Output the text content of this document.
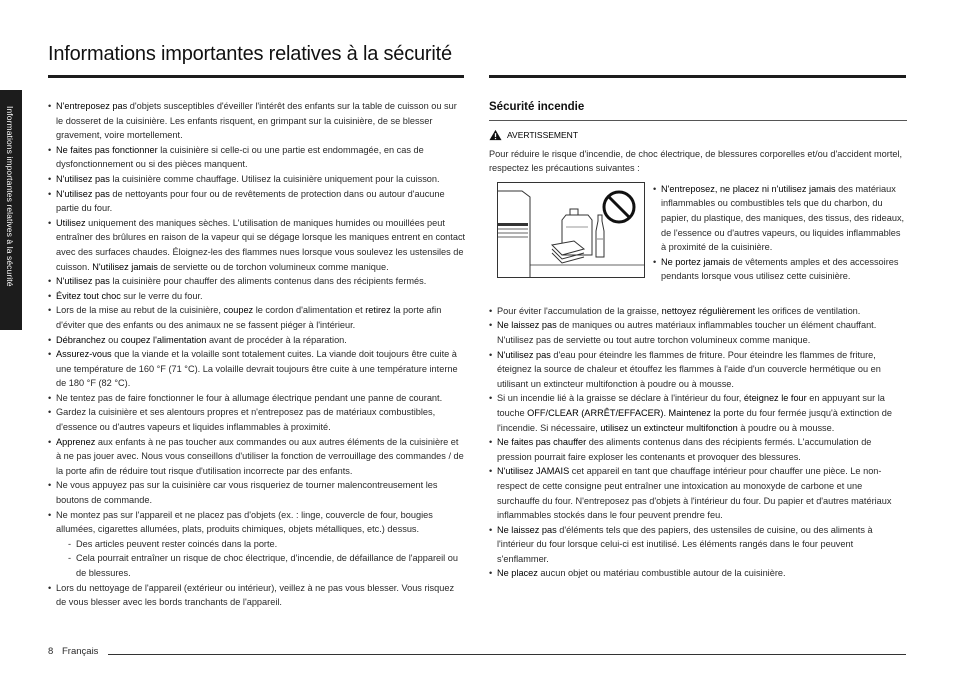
Informations importantes relatives à la sécurité
Informations importantes relatives à la sécurité
• N'entreposez pas d'objets susceptibles d'éveiller l'intérêt des enfants sur la table de cuisson ou sur le dosseret de la cuisinière. Les enfants risquent, en grimpant sur la cuisinière, de se blesser gravement, voire mortellement.
• Ne faites pas fonctionner la cuisinière si celle-ci ou une partie est endommagée, en cas de dysfonctionnement ou si des pièces manquent.
• N'utilisez pas la cuisinière comme chauffage. Utilisez la cuisinière uniquement pour la cuisson.
• N'utilisez pas de nettoyants pour four ou de revêtements de protection dans ou autour d'aucune partie du four.
• Utilisez uniquement des maniques sèches. L'utilisation de maniques humides ou mouillées peut entraîner des brûlures en raison de la vapeur qui se dégage lorsque les maniques entrent en contact avec des surfaces chaudes. Éloignez-les des flammes nues lorsque vous soulevez les ustensiles de cuisson. N'utilisez jamais de serviette ou de torchon volumineux comme manique.
• N'utilisez pas la cuisinière pour chauffer des aliments contenus dans des récipients fermés.
• Évitez tout choc sur le verre du four.
• Lors de la mise au rebut de la cuisinière, coupez le cordon d'alimentation et retirez la porte afin d'éviter que des enfants ou des animaux ne se fassent piéger à l'intérieur.
• Débranchez ou coupez l'alimentation avant de procéder à la réparation.
• Assurez-vous que la viande et la volaille sont totalement cuites. La viande doit toujours être cuite à une température de 160 °F (71 °C). La volaille devrait toujours être cuite à une température interne de 180 °F (82 °C).
• Ne tentez pas de faire fonctionner le four à allumage électrique pendant une panne de courant.
• Gardez la cuisinière et ses alentours propres et n'entreposez pas de matériaux combustibles, d'essence ou d'autres vapeurs et liquides inflammables à proximité.
• Apprenez aux enfants à ne pas toucher aux commandes ou aux autres éléments de la cuisinière et à ne pas jouer avec. Nous vous conseillons d'utiliser la fonction de verrouillage des commandes / de la porte afin de réduire tout risque d'utilisation incorrecte par des enfants.
• Ne vous appuyez pas sur la cuisinière car vous risqueriez de tourner malencontreusement les boutons de commande.
• Ne montez pas sur l'appareil et ne placez pas d'objets (ex. : linge, couvercle de four, bougies allumées, cigarettes allumées, plats, produits chimiques, objets métalliques, etc.) dessus.
- Des articles peuvent rester coincés dans la porte.
- Cela pourrait entraîner un risque de choc électrique, d'incendie, de défaillance de l'appareil ou de blessures.
• Lors du nettoyage de l'appareil (extérieur ou intérieur), veillez à ne pas vous blesser. Vous risquez de vous blesser avec les bords tranchants de l'appareil.
Sécurité incendie
AVERTISSEMENT

Pour réduire le risque d'incendie, de choc électrique, de blessures corporelles et/ou d'accident mortel, respectez les précautions suivantes :

• N'entreposez, ne placez ni n'utilisez jamais des matériaux inflammables ou combustibles tels que du charbon, du papier, du plastique, des maniques, des tissus, des rideaux, de l'essence ou d'autres vapeurs, ou liquides inflammables à proximité de la cuisinière.
• Ne portez jamais de vêtements amples et des accessoires pendants lorsque vous utilisez cette cuisinière.
• Pour éviter l'accumulation de la graisse, nettoyez régulièrement les orifices de ventilation.
• Ne laissez pas de maniques ou autres matériaux inflammables toucher un élément chauffant. N'utilisez pas de serviette ou tout autre torchon volumineux comme manique.
• N'utilisez pas d'eau pour éteindre les flammes de friture. Pour éteindre les flammes de friture, éteignez la source de chaleur et étouffez les flammes à l'aide d'un couvercle hermétique ou en utilisant un extincteur multifonction à poudre ou à mousse.
• Si un incendie lié à la graisse se déclare à l'intérieur du four, éteignez le four en appuyant sur la touche OFF/CLEAR (ARRÊT/EFFACER). Maintenez la porte du four fermée jusqu'à extinction de l'incendie. Si nécessaire, utilisez un extincteur multifonction à poudre ou à mousse.
• Ne faites pas chauffer des aliments contenus dans des récipients fermés. L'accumulation de pression pourrait faire exploser les contenants et provoquer des blessures.
• N'utilisez JAMAIS cet appareil en tant que chauffage intérieur pour chauffer une pièce. Le non-respect de cette consigne peut entraîner une intoxication au monoxyde de carbone et une surchauffe du four. N'entreposez pas d'objets à l'intérieur du four. Du papier et d'autres matériaux inflammables stockés dans le four peuvent prendre feu.
• Ne laissez pas d'éléments tels que des papiers, des ustensiles de cuisine, ou des aliments à l'intérieur du four lorsque celui-ci est inutilisé. Les éléments rangés dans le four peuvent s'enflammer.
• Ne placez aucun objet ou matériau combustible autour de la cuisinière.
8 Français
